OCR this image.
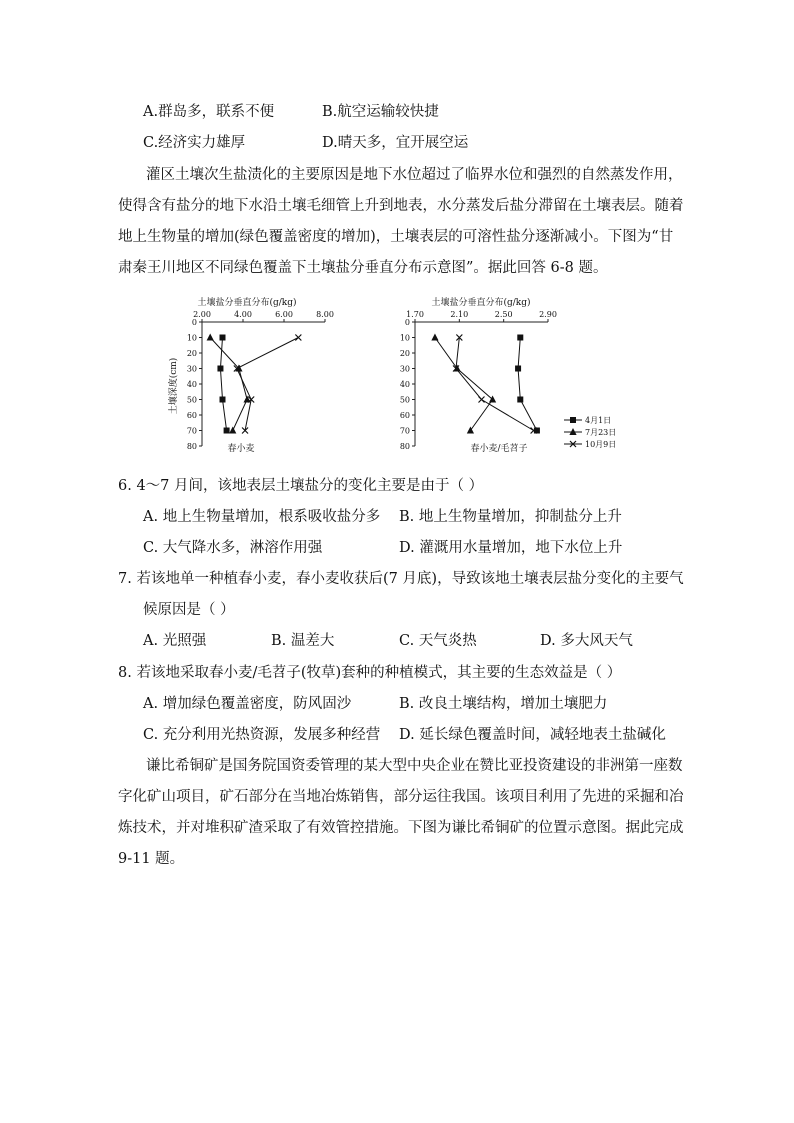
A.群岛多，联系不便	B.航空运输较快捷
C.经济实力雄厚	D.晴天多，宜开展空运
灌区土壤次生盐渍化的主要原因是地下水位超过了临界水位和强烈的自然蒸发作用，
使得含有盐分的地下水沿土壤毛细管上升到地表，水分蒸发后盐分滞留在土壤表层。随着
地上生物量的增加(绿色覆盖密度的增加)，土壤表层的可溶性盐分逐渐减小。下图为“甘
肃秦王川地区不同绿色覆盖下土壤盐分垂直分布示意图”。据此回答 6-8 题。
土壤盐分垂直分布(g/kg)
2.00	4.00	6.00	8.00
0
10
20
30
40
50
60
70
80
土壤深度(cm)
春小麦
土壤盐分垂直分布(g/kg)
1.70	2.10	2.50	2.90
0
10
20
30
40
50
60
70
80	春小麦/毛苕子
4月1日
7月23日
10月9日
6. 4～7 月间，该地表层土壤盐分的变化主要是由于（ ）
A. 地上生物量增加，根系吸收盐分多 B. 地上生物量增加，抑制盐分上升
C. 大气降水多，淋溶作用强	D. 灌溉用水量增加，地下水位上升
7. 若该地单一种植春小麦，春小麦收获后(7 月底)，导致该地土壤表层盐分变化的主要气
候原因是（ ）
A. 光照强	B. 温差大	C. 天气炎热	D. 多大风天气
8. 若该地采取春小麦/毛苕子(牧草)套种的种植模式，其主要的生态效益是（ ）
A. 增加绿色覆盖密度，防风固沙	B. 改良土壤结构，增加土壤肥力
C. 充分利用光热资源，发展多种经营 D. 延长绿色覆盖时间，减轻地表土盐碱化
谦比希铜矿是国务院国资委管理的某大型中央企业在赞比亚投资建设的非洲第一座数
字化矿山项目，矿石部分在当地冶炼销售，部分运往我国。该项目利用了先进的采掘和冶
炼技术，并对堆积矿渣采取了有效管控措施。下图为谦比希铜矿的位置示意图。据此完成
9-11 题。
